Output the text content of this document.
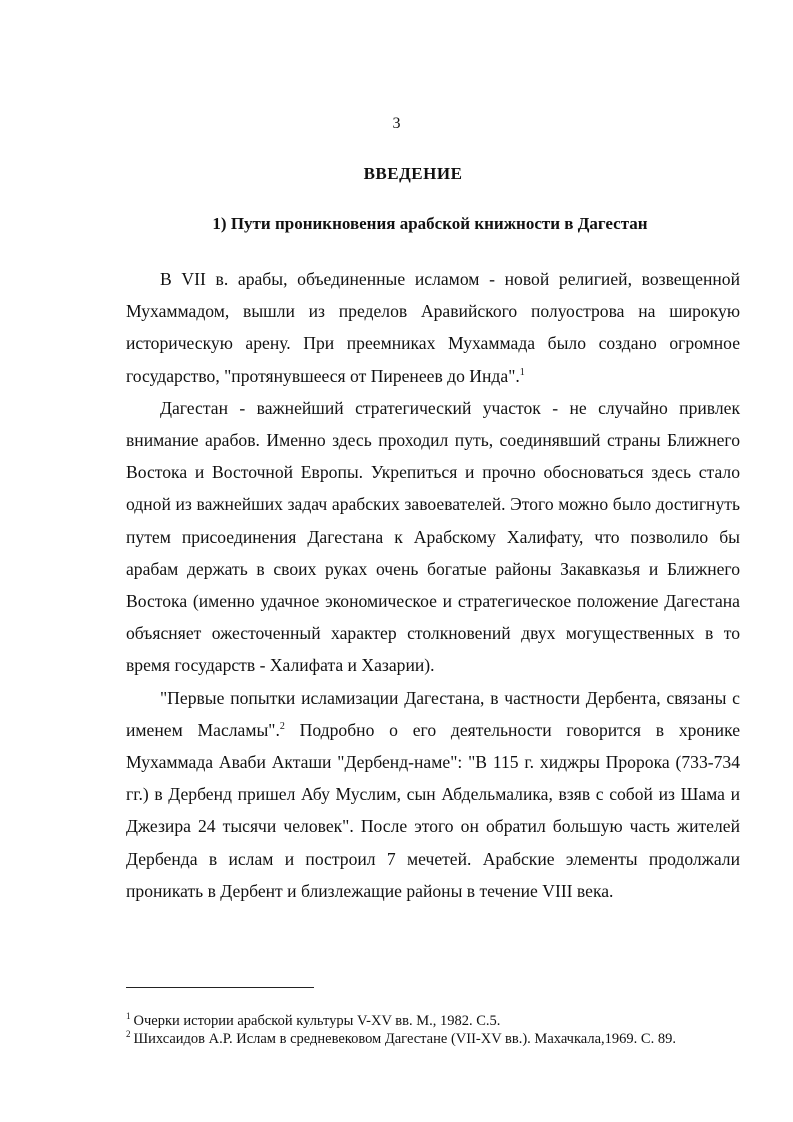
3
ВВЕДЕНИЕ
1) Пути проникновения арабской книжности в Дагестан

В VII в. арабы, объединенные исламом - новой религией, возвещенной Мухаммадом, вышли из пределов Аравийского полуострова на широкую историческую арену. При преемниках Мухаммада было создано огромное государство, "протянувшееся от Пиренеев до Инда".$^1$

Дагестан - важнейший стратегический участок - не случайно привлек внимание арабов. Именно здесь проходил путь, соединявший страны Ближнего Востока и Восточной Европы. Укрепиться и прочно обосноваться здесь стало одной из важнейших задач арабских завоевателей. Этого можно было достигнуть путем присоединения Дагестана к Арабскому Халифату, что позволило бы арабам держать в своих руках очень богатые районы Закавказья и Ближнего Востока (именно удачное экономическое и стратегическое положение Дагестана объясняет ожесточенный характер столкновений двух могущественных в то время государств - Халифата и Хазарии).

"Первые попытки исламизации Дагестана, в частности Дербента, связаны с именем Масламы".$^2$ Подробно о его деятельности говорится в хронике Мухаммада Аваби Акташи "Дербенд-наме": "В 115 г. хиджры Пророка (733-734 гг.) в Дербенд пришел Абу Муслим, сын Абдельмалика, взяв с собой из Шама и Джезира 24 тысячи человек". После этого он обратил большую часть жителей Дербенда в ислам и построил 7 мечетей. Арабские элементы продолжали проникать в Дербент и близлежащие районы в течение VIII века.

$^1$ Очерки истории арабской культуры V-XV вв. М., 1982. С.5.

$^2$ Шихсаидов А.Р. Ислам в средневековом Дагестане (VII-XV вв.). Махачкала,1969. С. 89.
